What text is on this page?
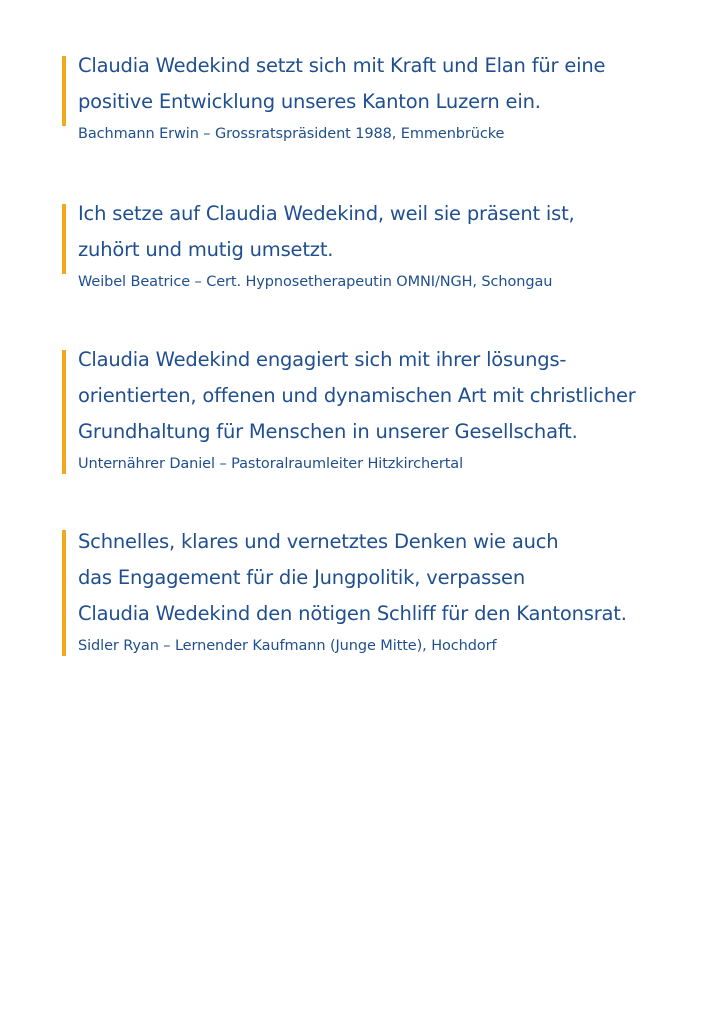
Claudia Wedekind setzt sich mit Kraft und Elan für eine
positive Entwicklung unseres Kanton Luzern ein.

Bachmann Erwin – Grossratspräsident 1988, Emmenbrücke

Ich setze auf Claudia Wedekind, weil sie präsent ist,
zuhört und mutig umsetzt.

Weibel Beatrice – Cert. Hypnosetherapeutin OMNI/NGH, Schongau

Claudia Wedekind engagiert sich mit ihrer lösungs-
orientierten, offenen und dynamischen Art mit christlicher
Grundhaltung für Menschen in unserer Gesellschaft.

Unternährer Daniel – Pastoralraumleiter Hitzkirchertal

Schnelles, klares und vernetztes Denken wie auch
das Engagement für die Jungpolitik, verpassen
Claudia Wedekind den nötigen Schliff für den Kantonsrat.

Sidler Ryan – Lernender Kaufmann (Junge Mitte), Hochdorf
